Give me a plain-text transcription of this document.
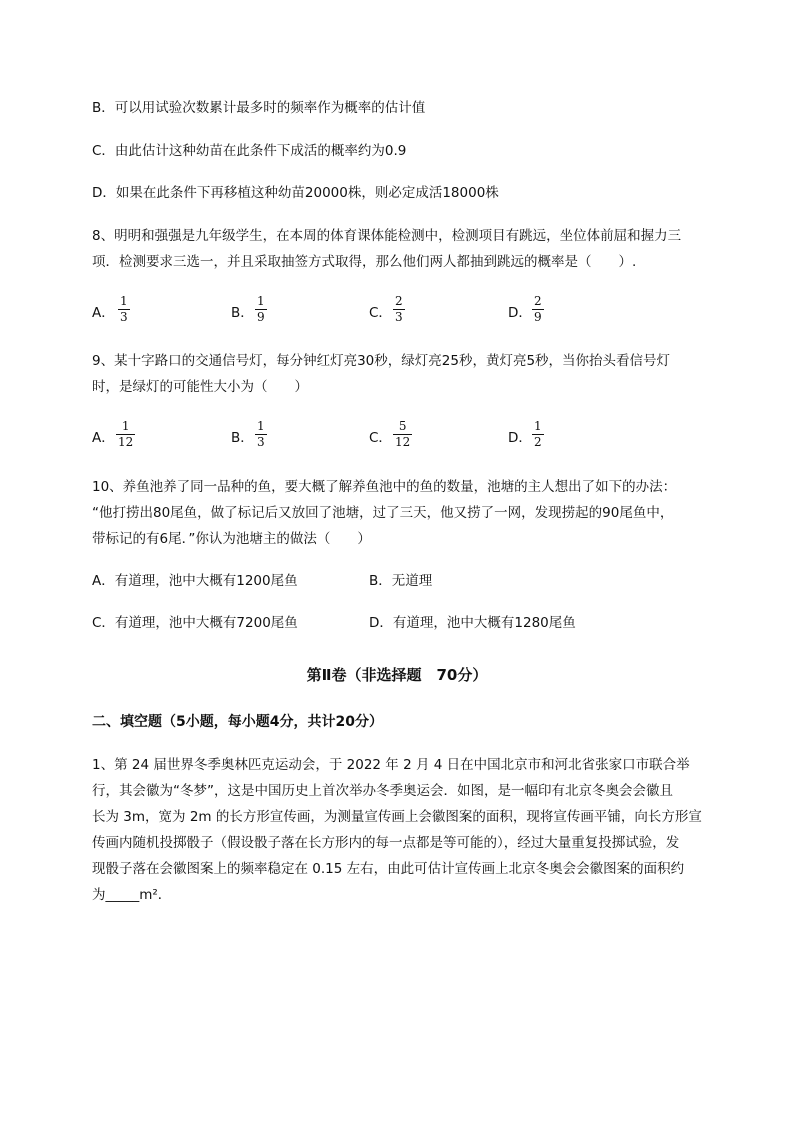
B．可以用试验次数累计最多时的频率作为概率的估计值
C．由此估计这种幼苗在此条件下成活的概率约为0.9
D．如果在此条件下再移植这种幼苗20000株，则必定成活18000株
8、明明和强强是九年级学生，在本周的体育课体能检测中，检测项目有跳远，坐位体前屈和握力三
项．检测要求三选一，并且采取抽签方式取得，那么他们两人都抽到跳远的概率是（　　）.
A．
1
3	B．
1
9	C．
2
3	D．
2
9
9、某十字路口的交通信号灯，每分钟红灯亮30秒，绿灯亮25秒，黄灯亮5秒，当你抬头看信号灯
时，是绿灯的可能性大小为（　　）
A．
1
12	B．
1
3	C．
5
12	D．
1
2
10、养鱼池养了同一品种的鱼，要大概了解养鱼池中的鱼的数量，池塘的主人想出了如下的办法：
“他打捞出80尾鱼，做了标记后又放回了池塘，过了三天，他又捞了一网，发现捞起的90尾鱼中，
带标记的有6尾．”你认为池塘主的做法（　　）
A．有道理，池中大概有1200尾鱼	B．无道理
C．有道理，池中大概有7200尾鱼	D．有道理，池中大概有1280尾鱼
第Ⅱ卷（非选择题　70分）
二、填空题（5小题，每小题4分，共计20分）
1、第 24 届世界冬季奥林匹克运动会，于 2022 年 2 月 4 日在中国北京市和河北省张家口市联合举
行，其会徽为“冬梦”，这是中国历史上首次举办冬季奥运会．如图，是一幅印有北京冬奥会会徽且
长为 3m，宽为 2m 的长方形宣传画，为测量宣传画上会徽图案的面积，现将宣传画平铺，向长方形宣
传画内随机投掷骰子（假设骰子落在长方形内的每一点都是等可能的），经过大量重复投掷试验，发
现骰子落在会徽图案上的频率稳定在 0.15 左右，由此可估计宣传画上北京冬奥会会徽图案的面积约
为_____m²．
